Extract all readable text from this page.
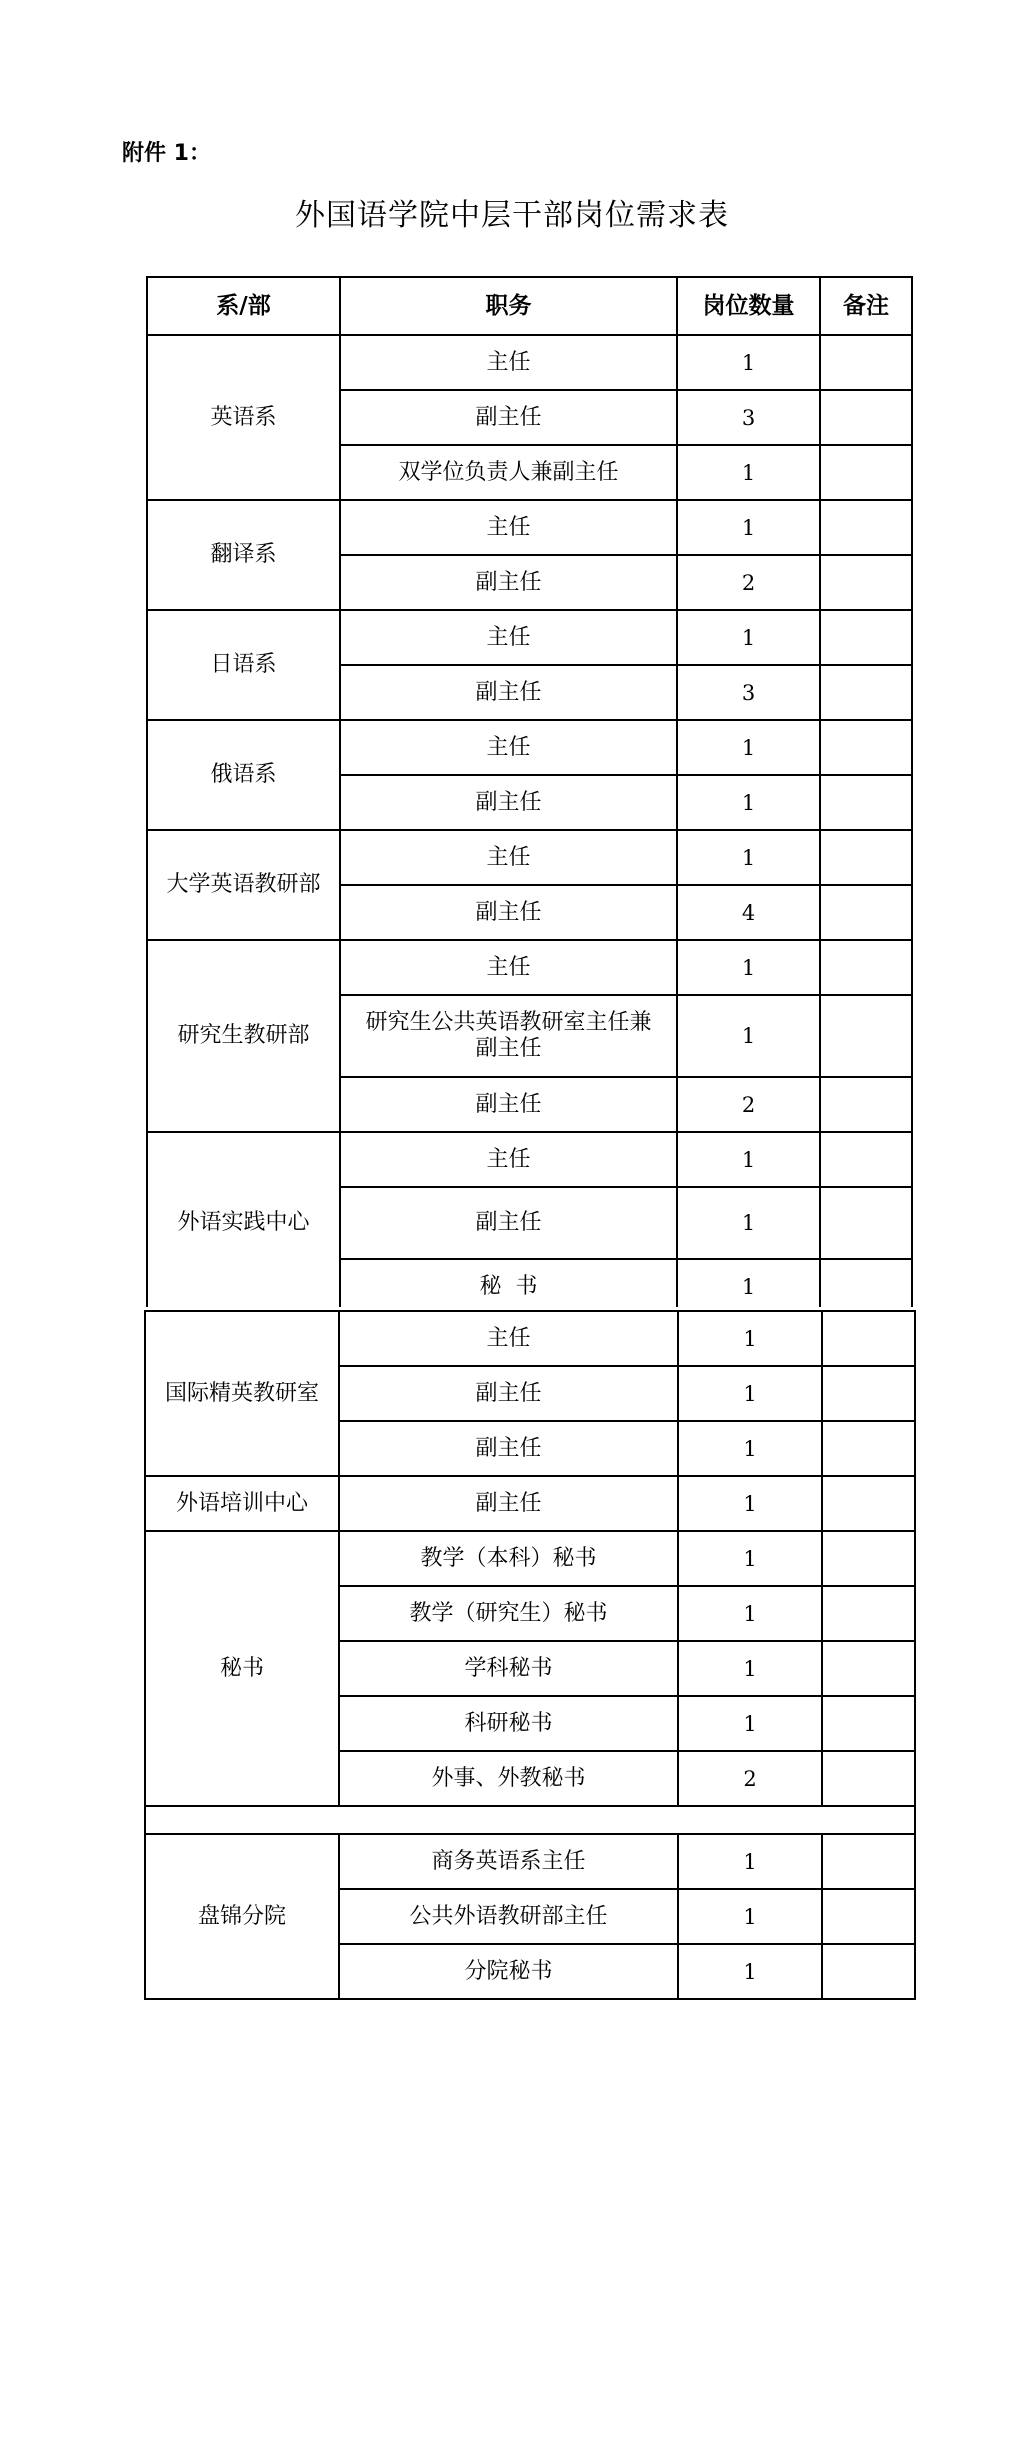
附件 1：
外国语学院中层干部岗位需求表
系/部	职务	岗位数量	备注
英语系	主任	1	
	副主任	3	
	双学位负责人兼副主任	1	
翻译系	主任	1	
	副主任	2	
日语系	主任	1	
	副主任	3	
俄语系	主任	1	
	副主任	1	
大学英语教研部	主任	1	
	副主任	4	
研究生教研部	主任	1	
	研究生公共英语教研室主任兼副主任	1	
	副主任	2	
外语实践中心	主任	1	
	副主任	1	
	秘  书	1	
国际精英教研室	主任	1	
	副主任	1	
	副主任	1	
外语培训中心	副主任	1	
秘书	教学（本科）秘书	1	
	教学（研究生）秘书	1	
	学科秘书	1	
	科研秘书	1	
	外事、外教秘书	2	

盘锦分院	商务英语系主任	1	
	公共外语教研部主任	1	
	分院秘书	1	
